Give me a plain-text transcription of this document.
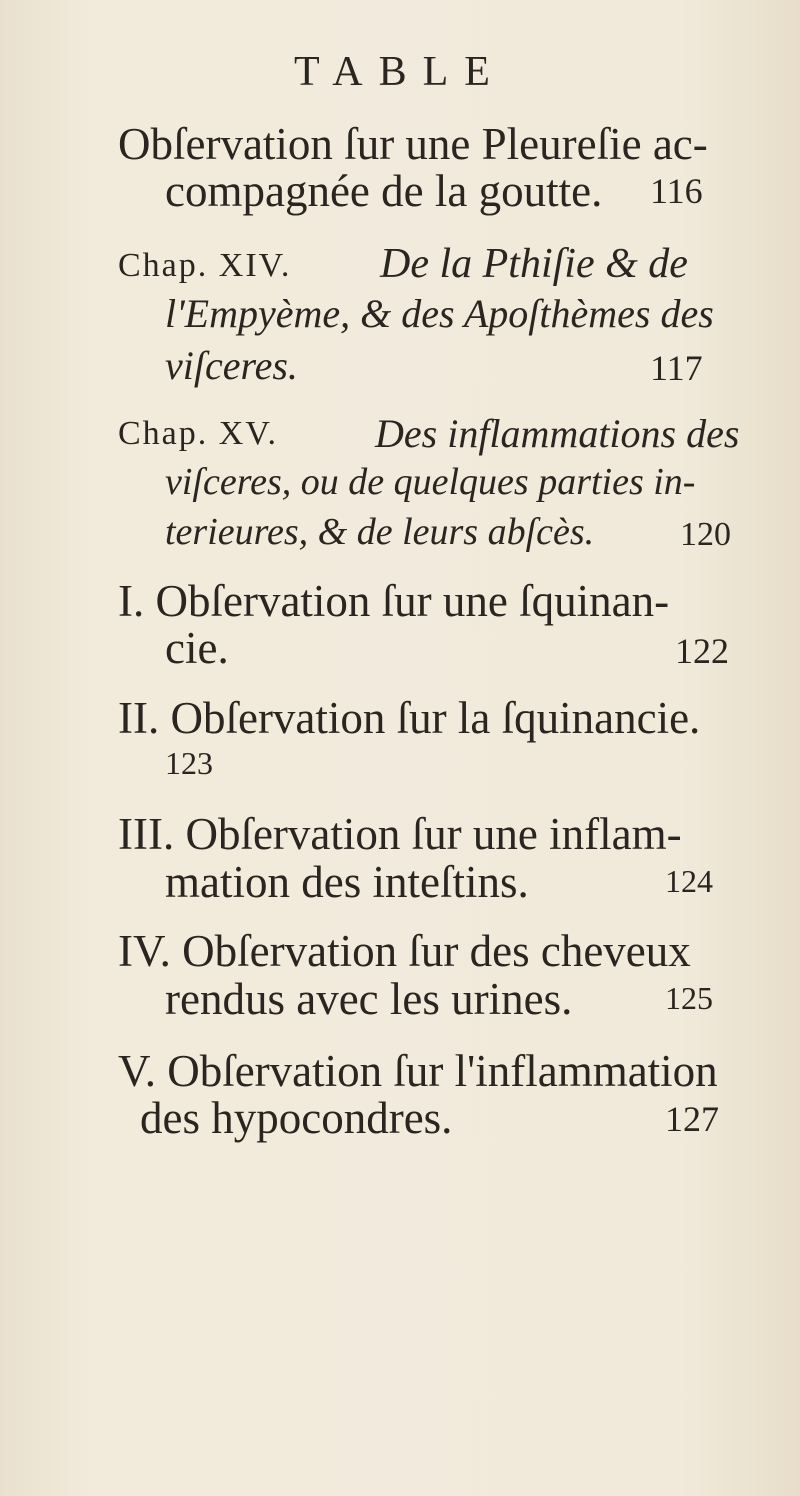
TABLE
Obſervation ſur une Pleureſie ac-
compagnée de la goutte. 116
Chap. XIV. De la Pthiſie & de
l'Empyème, & des Apoſthèmes des
viſceres.	117
Chap. XV. Des inflammations des
viſceres, ou de quelques parties in-
terieures, & de leurs abſcès.	120
I. Obſervation ſur une ſquinan-
cie.	122
II. Obſervation ſur la ſquinancie.
123
III. Obſervation ſur une inflam-
mation des inteſtins.	124
IV. Obſervation ſur des cheveux
rendus avec les urines.	125
V. Obſervation ſur l'inflammation
des hypocondres.	127
